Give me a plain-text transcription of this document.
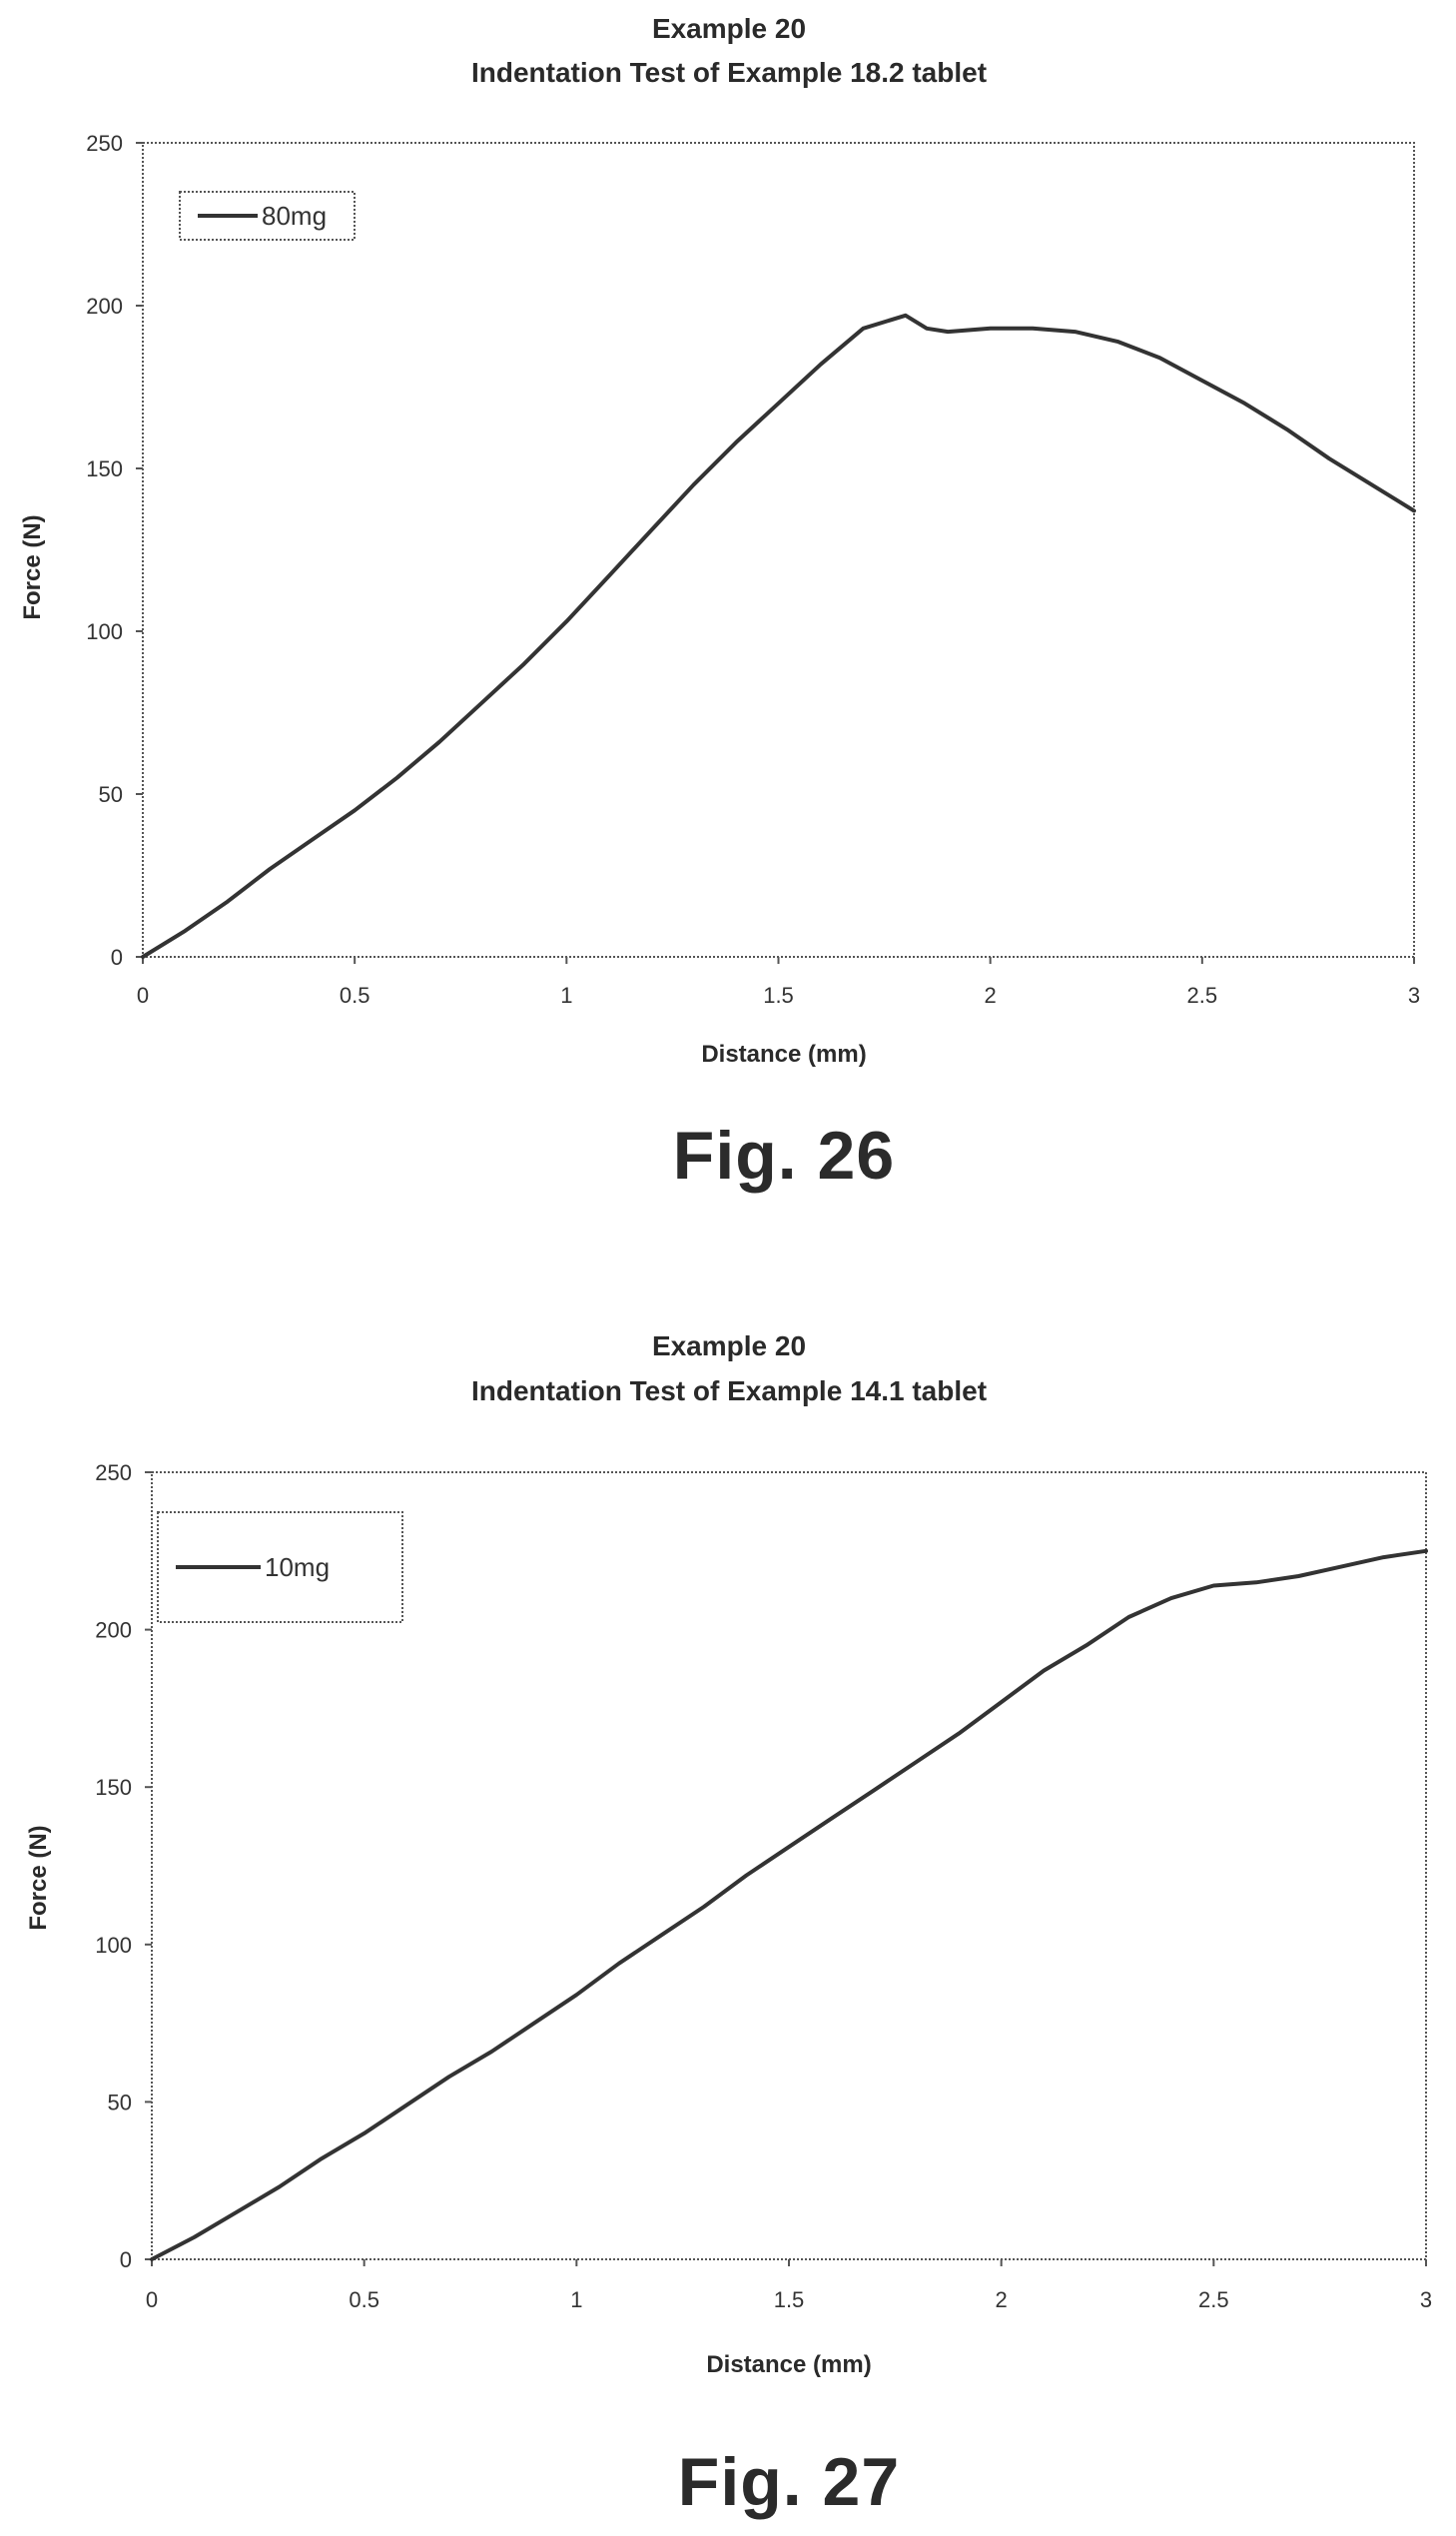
Example 20
Indentation Test of Example 18.2 tablet
Distance (mm)
Force (N)
0	0.5	1	1.5	2	2.5	3
0
50
100
150
200
250
80mg
Fig. 26
Example 20
Indentation Test of Example 14.1 tablet
Distance (mm)
Force (N)
0	0.5	1	1.5	2	2.5	3
0
50
100
150
200
250
10mg
Fig. 27
